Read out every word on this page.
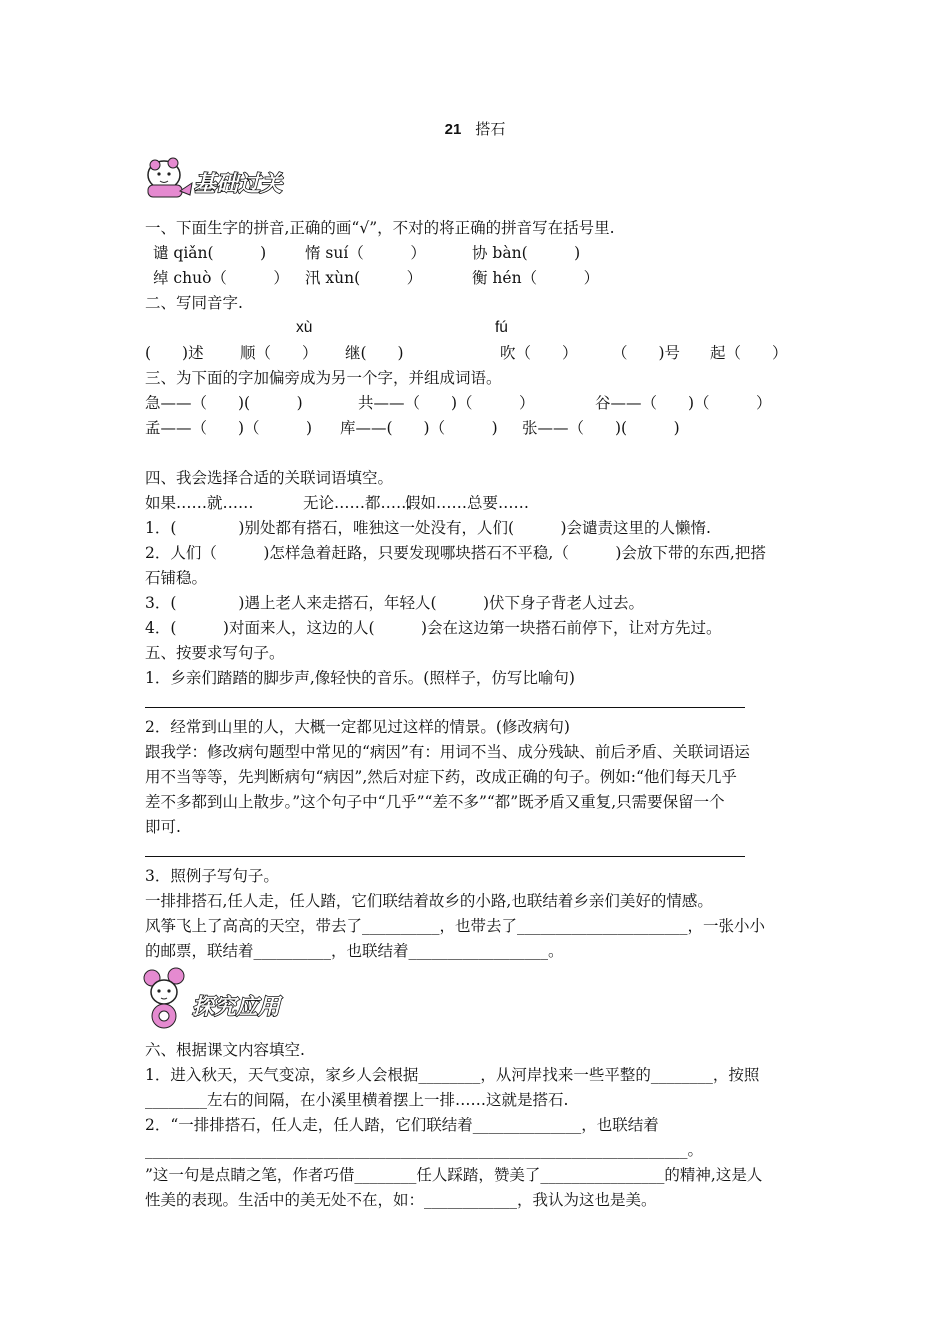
21 搭石
基础过关
一、下面生字的拼音,正确的画“√”，不对的将正确的拼音写在括号里.
谴 qiǎn(　　　)	惰 suí（　　　）	协 bàn(　　　)
绰 chuò（　　　） 汛 xùn(　　　）	衡 hén（　　　）
二、写同音字.
xù	fú
(　　)述 顺（　　） 继(　　)	吹（　　） （　　)号 起（　　）
三、为下面的字加偏旁成为另一个字，并组成词语。
急——（　　)(　　　)	共——（　　)（　　　）	谷——（　　)（　　　）
孟——（　　)（　　　) 库——(　　)（　　　) 张——（　　)(　　　)
四、我会选择合适的关联词语填空。
如果……就……	无论……都……
假如……总要……
1．(　　　　)别处都有搭石，唯独这一处没有，人们(　　　)会谴责这里的人懒惰.
2．人们（　　　)怎样急着赶路，只要发现哪块搭石不平稳,（　　　)会放下带的东西,把搭
石铺稳。
3．(　　　　)遇上老人来走搭石，年轻人(　　　)伏下身子背老人过去。
4．(　　　)对面来人，这边的人(　　　)会在这边第一块搭石前停下，让对方先过。
五、按要求写句子。
1．乡亲们踏踏的脚步声,像轻快的音乐。(照样子，仿写比喻句)
2．经常到山里的人，大概一定都见过这样的情景。(修改病句)
跟我学：修改病句题型中常见的“病因”有：用词不当、成分残缺、前后矛盾、关联词语运
用不当等等，先判断病句“病因”,然后对症下药，改成正确的句子。例如:“他们每天几乎
差不多都到山上散步。”这个句子中“几乎”“差不多”“都”既矛盾又重复,只需要保留一个
即可.
3．照例子写句子。
一排排搭石,任人走，任人踏，它们联结着故乡的小路,也联结着乡亲们美好的情感。
风筝飞上了高高的天空，带去了__________，也带去了______________________，一张小小
的邮票，联结着__________，也联结着__________________。
探究应用
六、根据课文内容填空.
1．进入秋天，天气变凉，家乡人会根据________，从河岸找来一些平整的________，按照
________左右的间隔，在小溪里横着摆上一排……这就是搭石.
2．“一排排搭石，任人走，任人踏，它们联结着______________，也联结着
______________________________________________________________________。
”这一句是点睛之笔，作者巧借________任人踩踏，赞美了________________的精神,这是人
性美的表现。生活中的美无处不在，如：____________，我认为这也是美。
